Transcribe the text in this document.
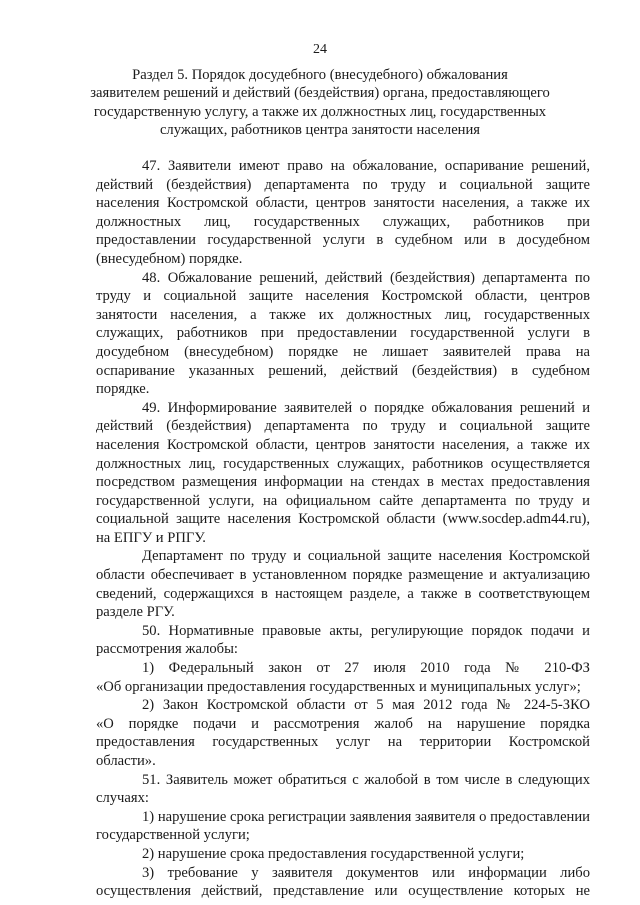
24
Раздел 5. Порядок досудебного (внесудебного) обжалования
заявителем решений и действий (бездействия) органа, предоставляющего
государственную услугу, а также их должностных лиц, государственных
служащих, работников центра занятости населения
47. Заявители имеют право на обжалование, оспаривание решений,
действий (бездействия) департамента по труду и социальной защите
населения Костромской области, центров занятости населения, а также их
должностных лиц, государственных служащих, работников при
предоставлении государственной услуги в судебном или в досудебном
(внесудебном) порядке.
48. Обжалование решений, действий (бездействия) департамента по
труду и социальной защите населения Костромской области, центров
занятости населения, а также их должностных лиц, государственных
служащих, работников при предоставлении государственной услуги в
досудебном (внесудебном) порядке не лишает заявителей права на
оспаривание указанных решений, действий (бездействия) в судебном
порядке.
49. Информирование заявителей о порядке обжалования решений и
действий (бездействия) департамента по труду и социальной защите
населения Костромской области, центров занятости населения, а также их
должностных лиц, государственных служащих, работников осуществляется
посредством размещения информации на стендах в местах предоставления
государственной услуги, на официальном сайте департамента по труду и
социальной защите населения Костромской области (www.socdep.adm44.ru),
на ЕПГУ и РПГУ.
Департамент по труду и социальной защите населения Костромской
области обеспечивает в установленном порядке размещение и актуализацию
сведений, содержащихся в настоящем разделе, а также в соответствующем
разделе РГУ.
50. Нормативные правовые акты, регулирующие порядок подачи и
рассмотрения жалобы:
1) Федеральный закон от 27 июля 2010 года № 210-ФЗ
«Об организации предоставления государственных и муниципальных услуг»;
2) Закон Костромской области от 5 мая 2012 года № 224-5-ЗКО
«О порядке подачи и рассмотрения жалоб на нарушение порядка
предоставления государственных услуг на территории Костромской
области».
51. Заявитель может обратиться с жалобой в том числе в следующих
случаях:
1) нарушение срока регистрации заявления заявителя о предоставлении
государственной услуги;
2) нарушение срока предоставления государственной услуги;
3) требование у заявителя документов или информации либо
осуществления действий, представление или осуществление которых не
